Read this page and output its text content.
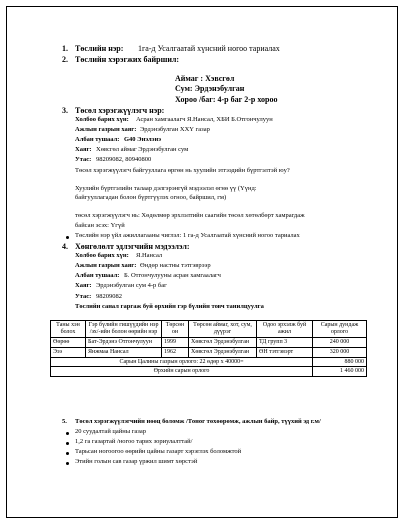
1. Төслийн нэр: 1га-д Усалгаатай хүнсний ногоо тариалах
2. Төслийн хэрэгжих байршил:
Аймаг : Хэвсгөл
Сум: Эрдэнэбулган
Хороо /баг: 4-р баг 2-р хороо
3. Төсөл хэрэгжүүлэгч нэр:
Холбоо барих хүн: Асран хамгаалагч Я.Нансал, ХБИ Б.Отгончулуун
Ажлын газрын хаяг: Эрдэнэбулган ХХҮ газар
Албан тушаал: G40 Энэлэнэ
Хаяг: Хөвсгөл аймаг Эрдэнэбулган сум
Утас: 98209082, 80940800
Төсөл хэрэгжүүлэгч байгууллага өргөн нь хуулийн этгээдийн бүртгэлтэй юу?
Хуулийн бүртгэлийн талаар дэлгэрэнгүй мэдээлэл өгнө үү (Үүнд:
байгууллагадан болон бүртгүүлэх огноо, байршил, гм)
төсөл хэрэгжүүлэгч нь: Хөдөлмөр эрхлэлтийн саагийн төсөл хөтөлбөрт хамрагдаж
байсан эсэх: Үгүй
Төслийн нэр үйл ажиллагааны чиглэл: 1 га-д Усалгаатай хүнсний ногоо тариалах
4. Хөнгөлөлт эдлэгчийн мэдээлэл:
Холбоо барих хүн: Я.Нансал
Ажлын газрын хаяг: Өндөр настны тэтгэврээр
Албан тушаал: Б. Отгончулууны асран хамгаалагч
Хаяг: Эрдэнэбулган сум 4-р баг
Утас: 98209082
Төслийн санал гаргаж буй өрхийн гэр бүлийн товч танилцуулга
Таны хэн болох	Гэр бүлийн гишүүдийн нэр /эх/-ийн болон өөрийн нэр	Төрсөн он	Төрсөн аймаг, хот, сум, дүүрэг	Одоо эрхэлж буй ажил	Сарын дундаж орлого
Өөрөө	Бат-Эрдэнэ Отгончулуун	1999	Хөвсгөл Эрдэнэбулган	ТД групп 3	240 000
Эээ	Янжмаа Нансал	1962	Хөвсгөл Эрдэнэбулган	ӨН тэтгэвэрт	320 000
Сарын Цалины газрын орлого: 22 өдөр x 40000=					880 000
Өрхийн сарын орлого					1 460 000
5. Төсөл хэрэгжүүлэгчийн нөөц боломж /Тоног төхөөрөмж, ажлын байр, түүхий эд г.м/
20 суудалтай цайны газар
1,2 га газартай /ногоо тарих зориулалттай/
Тарьсан ногоогоо өөрийн цайны газарт хэрэглэх боломжтой
Этийн голын сав газар үржил шимт хөрстэй
